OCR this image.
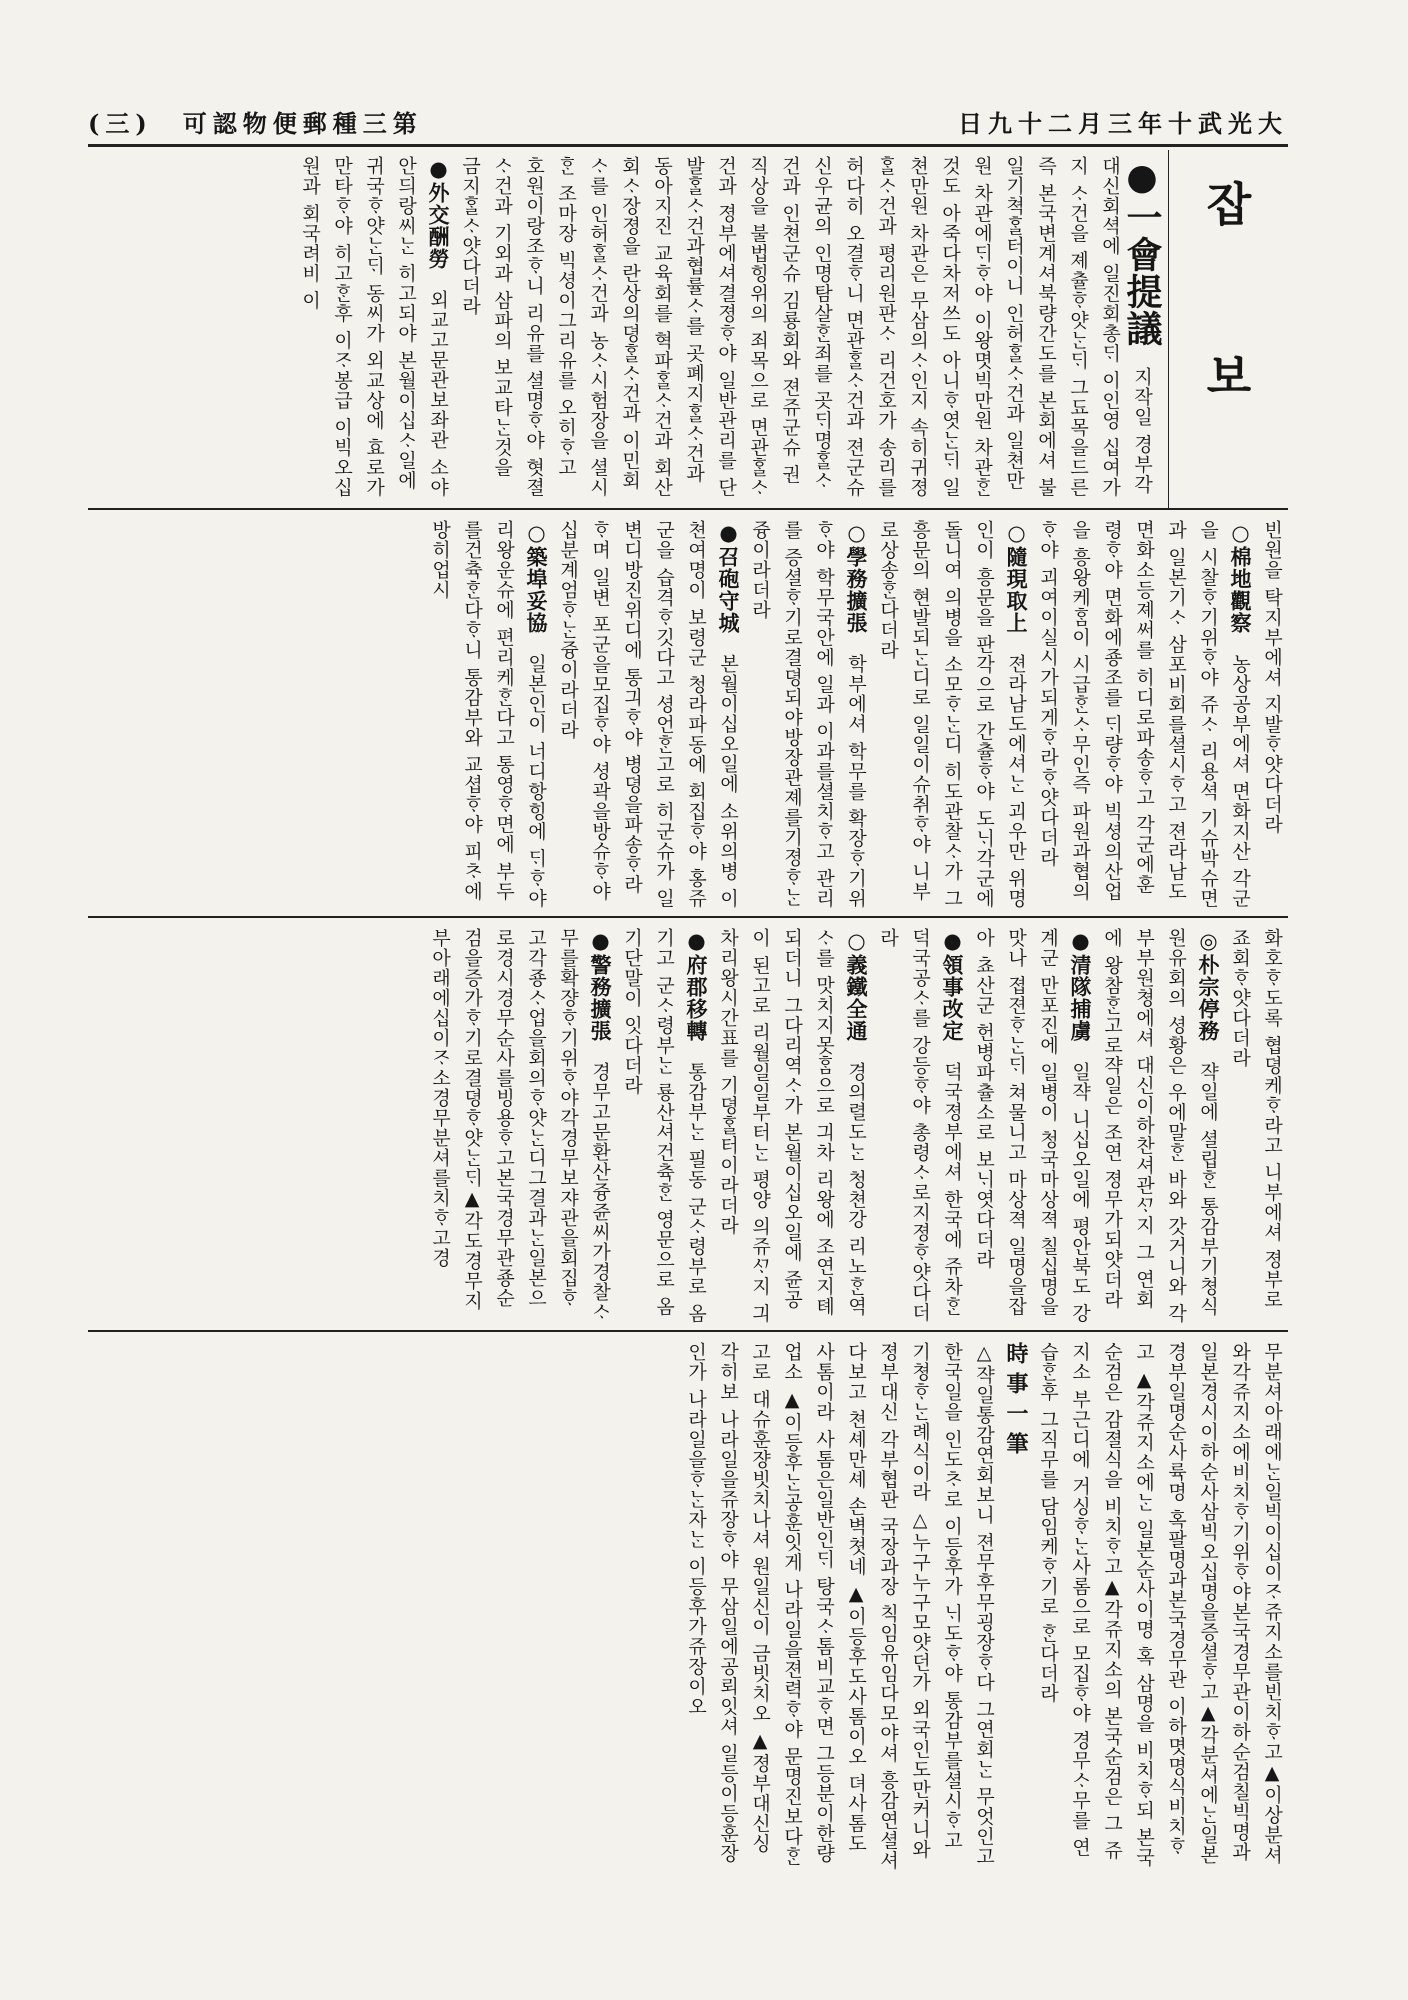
(三)　可認物便郵種三第	日九十二月三年十武光大
잡　보

●一會提議　지작일 경부각

대신회셕에 일진회총ᄃᆡ 이인영 십여가지 ᄉᆞ건을 졔츌ᄒᆞ얏ᄂᆞᆫᄃᆡ 그됴목을드른즉 본국변계셔북량간도를 본회에셔 불일기쳑ᄒᆞᆯ터이니 인허ᄒᆞᆯᄉᆞ건과 일쳔만원 차관에ᄃᆡᄒᆞ야 이왕몃빅만원 차관ᄒᆞᆫ것도 아죽다차저쓰도 아니ᄒᆞ엿ᄂᆞᆫᄃᆡ 일쳔만원 차관은 무삼의ᄉᆞ인지 속히귀졍ᄒᆞᆯᄉᆞ건과 평리원판ᄉᆞ 리건호가 송리를허다히 오결ᄒᆞ니 면관ᄒᆞᆯᄉᆞ건과 젼군슈 신우균의 인명탐살ᄒᆞᆫ죄를 곳ᄃᆡ명ᄒᆞᆯᄉᆞ건과 인쳔군슈 김룡회와 젼쥬군슈 권직상을 불법힝위의 죄목으로 면관ᄒᆞᆯᄉᆞ건과 졍부에셔결졍ᄒᆞ야 일반관리를 단발ᄒᆞᆯᄉᆞ건과협률ᄉᆞ를 곳폐지ᄒᆞᆯᄉᆞ건과 동아지진 교육회를 혁파ᄒᆞᆯᄉᆞ건과 회산회ᄉᆞ장졍을 란상의뎡ᄒᆞᆯᄉᆞ건과 이민회ᄉᆞ를 인허ᄒᆞᆯᄉᆞ건과 농ᄉᆞ시험장을 셜시ᄒᆞᆫ 조마장 빅셩이그리유를 오히ᄒᆞ고 호원이랑조ᄒᆞ니 리유를 셜명ᄒᆞ야 혓졀ᄉᆞ건과 기외과 삼파의 보교타ᄂᆞᆫ것을 금지ᄒᆞᆯᄉᆞ얏다더라

●外交酬勞　외교고문관보좌관 소야안듸랑씨ᄂᆞᆫ 히고되야 본월이십ᄉᆞ일에 귀국ᄒᆞ얏ᄂᆞᆫᄃᆡ 동씨가 외교상에 효로가 만타ᄒᆞ야 히고ᄒᆞᆫ후 이ᄌᆞ봉급 이빅오십원과 회국려비 이

빈원을 탁지부에셔 지발ᄒᆞ얏다더라

○棉地觀察　농상공부에셔 면화지산 각군을 시찰ᄒᆞ기위ᄒᆞ야 쥬ᄉᆞ 리용셕 기슈박슈면과 일본기ᄉᆞ 삼포비회를셜시ᄒᆞ고 젼라남도 면화소등졔써를 히디로파송ᄒᆞ고 각군에훈령ᄒᆞ야 면화에죵조를 ᄃᆡ량ᄒᆞ야 빅셩의산업을 흥왕케ᄒᆞᆷ이 시급ᄒᆞᆫᄉᆞ무인즉 파원과협의ᄒᆞ야 괴여이실시가되게ᄒᆞ라ᄒᆞ얏다더라

○隨現取上　젼라남도에셔ᄂᆞᆫ 괴우만 위명인이 흥문을 판각으로 간츌ᄒᆞ야 도ᄂᆡ각군에 돌니여 의병을 소모ᄒᆞᄂᆞᆫ디 히도관찰ᄉᆞ가 그 흥문의 현발되ᄂᆞᆫ디로 일일이슈취ᄒᆞ야 니부로상송ᄒᆞᆫ다더라

○學務擴張　학부에셔 학무를 확장ᄒᆞ기위ᄒᆞ야 학무국안에 일과 이과를셜치ᄒᆞ고 관리를 증셜ᄒᆞ기로결뎡되야방장관졔를기졍ᄒᆞᄂᆞᆫ즁이라더라

●召砲守城　본월이십오일에 소위의병 이쳔여명이 보령군 청라파동에 회집ᄒᆞ야 홍쥬군을 습격ᄒᆞ깃다고 셩언ᄒᆞᆫ고로 히군슈가 일변디방진위디에 통긔ᄒᆞ야 병뎡을파송ᄒᆞ라ᄒᆞ며 일변 포군을모집ᄒᆞ야 셩곽을방슈ᄒᆞ야 십분계엄ᄒᆞᄂᆞᆫ즁이라더라

○築埠妥協　일본인이 너디항힝에 ᄃᆡᄒᆞ야 리왕운슈에 편리케ᄒᆞᆫ다고 통영ᄒᆞ면에 부두를건츅ᄒᆞᆫ다ᄒᆞ니 통감부와 교셥ᄒᆞ야 피ᄎᆞ에 방히업시

화호ᄒᆞ도록 협뎡케ᄒᆞ라고 니부에셔 졍부로죠회ᄒᆞ얏다더라

◎朴宗停務　쟉일에 셜립ᄒᆞᆫ 통감부기쳥식 원유회의 셩황은 우에말ᄒᆞᆫ 바와 갓거니와 각부부원쳥에셔 대신이하찬셔관ᄭᆞ지 그 연회에 왕참ᄒᆞᆫ고로쟉일은 조연 졍무가되얏더라

●清隊捕虜　일쟉 니십오일에 평안북도 강계군 만포진에 일병이 청국마상젹 칠십명을맛나 졉젼ᄒᆞᄂᆞᆫᄃᆡ 쳐물니고 마상젹 일명을잡아 쵸산군 헌병파츌소로 보ᄂᆡ엿다더라

●領事改定　덕국졍부에셔 한국에 쥬차ᄒᆞᆫ 덕국공ᄉᆞ를 강등ᄒᆞ야 총령ᄉᆞ로지졍ᄒᆞ얏다더라

○義鐵全通　경의렬도ᄂᆞᆫ 청쳔강 리노ᄒᆞᆫ역ᄉᆞ를 맛치지못ᄒᆞᆷ으로 긔차 리왕에 조연지톄되더니 그다리역ᄉᆞ가 본월이십오일에 쥰공이 된고로 리월일일부터ᄂᆞᆫ 평양 의쥬ᄭᆞ지 긔차리왕시간표를 기뎡ᄒᆞᆯ터이라더라

●府郡移轉　통감부ᄂᆞᆫ 필동 군ᄉᆞ령부로 옴기고 군ᄉᆞ령부ᄂᆞᆫ 룡산셔건츅ᄒᆞᆫ 영문으로 옴기단말이 잇다더라

●警務擴張　경무고문환산즁쥰씨가경찰ᄉᆞ무를확쟝ᄒᆞ기위ᄒᆞ야각경무보쟈관을회집ᄒᆞ고각죵ᄉᆞ업을회의ᄒᆞ얏ᄂᆞᆫ디그결과ᄂᆞᆫ일본으로경시경무순사를빙용ᄒᆞ고본국경무관죵순검을증가ᄒᆞ기로결뎡ᄒᆞ얏ᄂᆞᆫᄃᆡ▲각도경무지부아래에십이ᄌᆞ소경무분셔를치ᄒᆞ고경

무분셔아래에ᄂᆞᆫ일빅이십이ᄌᆞ쥬지소를빈치ᄒᆞ고▲이상분셔와각쥬지소에비치ᄒᆞ기위ᄒᆞ야본국경무관이하순검칠빅명과일본경시이하순사삼빅오십명을증셜ᄒᆞ고▲각분셔에ᄂᆞᆫ일본경부일명순사륙명 혹팔명과본국경무관 이하몃명식비치ᄒᆞ고 ▲각쥬지소에ᄂᆞᆫ 일본순사이명 혹 삼명을 비치ᄒᆞ되 본국순검은 감졀식을 비치ᄒᆞ고▲각쥬지소의 본국순검은 그 쥬지소 부근디에 거싱ᄒᆞᄂᆞᆫ사롬으로 모집ᄒᆞ야 경무ᄉᆞ무를 연습ᄒᆞᆫ후 그직무를 담임케ᄒᆞ기로 ᄒᆞᆫ다더라

時事一筆

△쟉일통감연회보니 젼무후무굉장ᄒᆞ다 그연회ᄂᆞᆫ 무엇인고 한국일을 인도ᄎᆞ로 이등후가 ᄂᆡ도ᄒᆞ야 통감부를셜시ᄒᆞ고 기쳥ᄒᆞᄂᆞᆫ례식이라 △누구누구모얏던가 외국인도만커니와 졍부대신 각부협판 국장과장 칙임유임다모야셔 흥감연셜셔다보고 쳔셰만셰 손벽쳣네 ▲이등후도사톰이오 뎌사톰도사톰이라 사톰은일반인ᄃᆡ 탕국ᄉᆞ톰비교ᄒᆞ면 그등분이한량업소 ▲이등후ᄂᆞᆫ공훈잇게 나라일을젼력ᄒᆞ야 문명진보다ᄒᆞᆫ고로 대슈훈쟝빗치나셔 원일신이 금빗치오 ▲졍부대신싱각히보 나라일을쥬장ᄒᆞ야 무삼일에공뢰잇셔 일등이등훈장인가 나라일을ᄒᆞᄂᆞᆫ자ᄂᆞᆫ 이등후가쥬장이오
